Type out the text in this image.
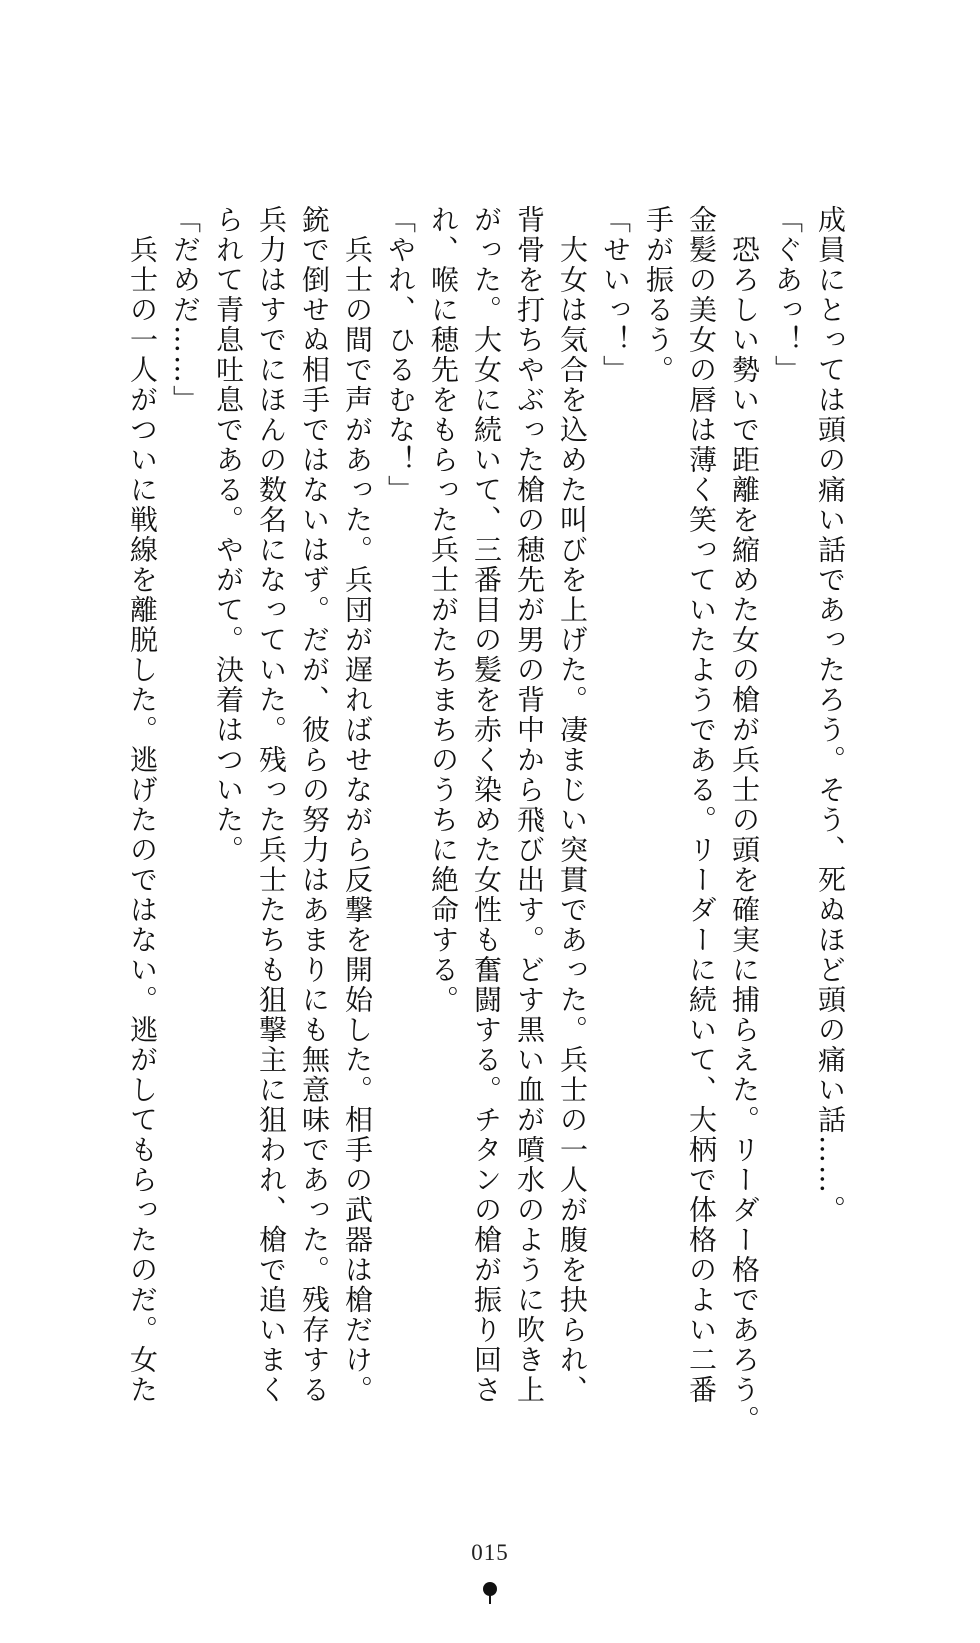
成員にとっては頭の痛い話であったろう。そう、死ぬほど頭の痛い話……。

「ぐあっ！」

　恐ろしい勢いで距離を縮めた女の槍が兵士の頭を確実に捕らえた。リーダー格であろう。

金髪の美女の唇は薄く笑っていたようである。リーダーに続いて、大柄で体格のよい二番

手が振るう。

「せいっ！」

　大女は気合を込めた叫びを上げた。凄まじい突貫であった。兵士の一人が腹を抉られ、

背骨を打ちやぶった槍の穂先が男の背中から飛び出す。どす黒い血が噴水のように吹き上

がった。大女に続いて、三番目の髪を赤く染めた女性も奮闘する。チタンの槍が振り回さ

れ、喉に穂先をもらった兵士がたちまちのうちに絶命する。

「やれ、ひるむな！」

　兵士の間で声があった。兵団が遅ればせながら反撃を開始した。相手の武器は槍だけ。

銃で倒せぬ相手ではないはず。だが、彼らの努力はあまりにも無意味であった。残存する

兵力はすでにほんの数名になっていた。残った兵士たちも狙撃主に狙われ、槍で追いまく

られて青息吐息である。やがて。決着はついた。

「だめだ……」

　兵士の一人がついに戦線を離脱した。逃げたのではない。逃がしてもらったのだ。女た

015
